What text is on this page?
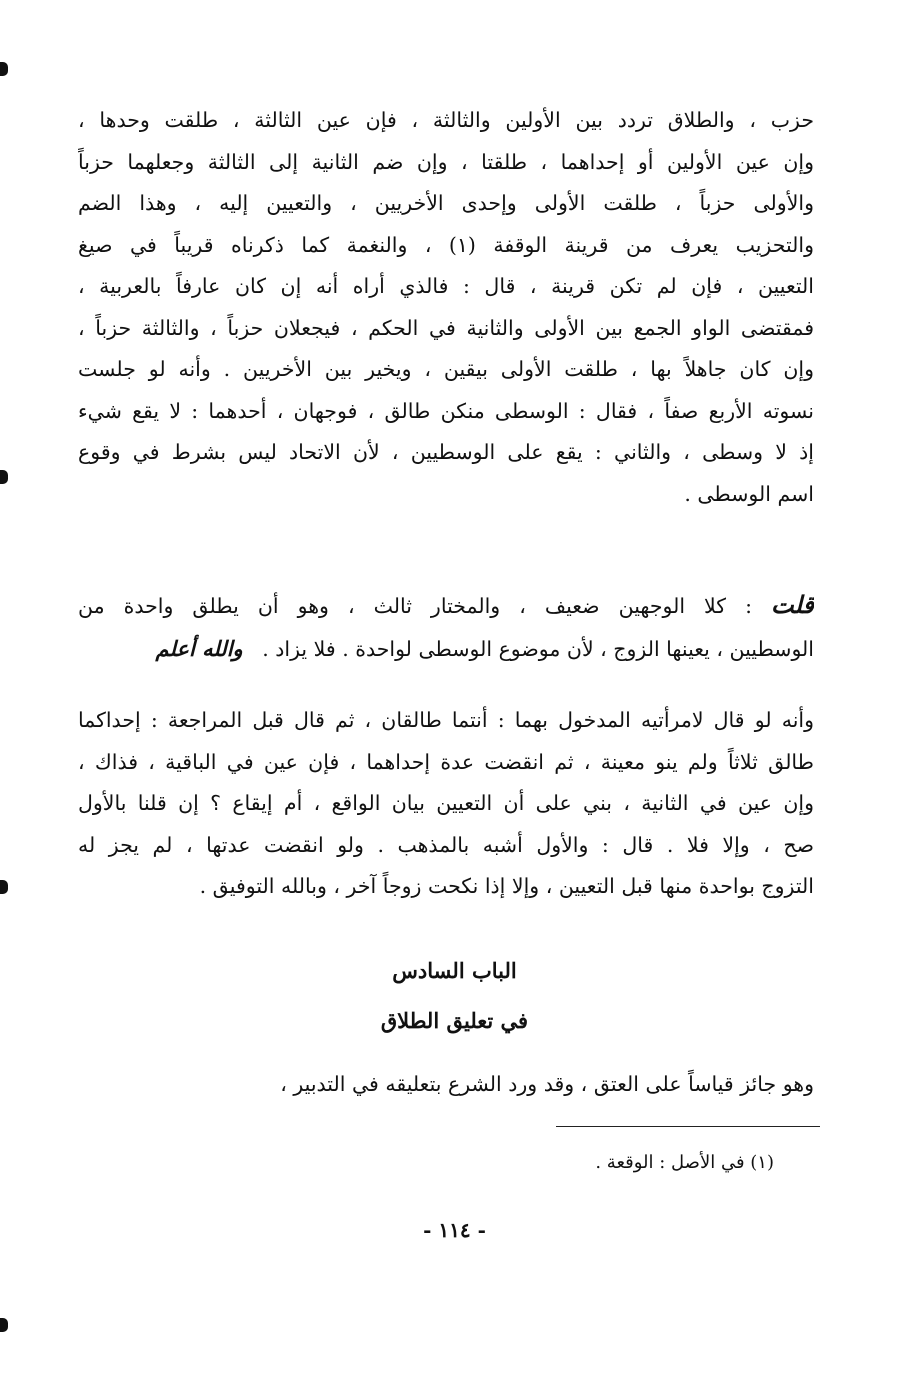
حزب ، والطلاق تردد بين الأولين والثالثة ، فإن عين الثالثة ، طلقت وحدها ،
وإن عين الأولين أو إحداهما ، طلقتا ، وإن ضم الثانية إلى الثالثة وجعلهما حزباً
والأولى حزباً ، طلقت الأولى وإحدى الأخريين ، والتعيين إليه ، وهذا الضم
والتحزيب يعرف من قرينة الوقفة (١) ، والنغمة كما ذكرناه قريباً في صيغ
التعيين ، فإن لم تكن قرينة ، قال : فالذي أراه أنه إن كان عارفاً بالعربية ،
فمقتضى الواو الجمع بين الأولى والثانية في الحكم ، فيجعلان حزباً ، والثالثة حزباً ،
وإن كان جاهلاً بها ، طلقت الأولى بيقين ، ويخير بين الأخريين . وأنه لو جلست
نسوته الأربع صفاً ، فقال : الوسطى منكن طالق ، فوجهان ، أحدهما : لا يقع شيء
إذ لا وسطى ، والثاني : يقع على الوسطيين ، لأن الاتحاد ليس بشرط في وقوع
اسم الوسطى .
قلت : كلا الوجهين ضعيف ، والمختار ثالث ، وهو أن يطلق واحدة من
الوسطيين ، يعينها الزوج ، لأن موضوع الوسطى لواحدة . فلا يزاد .   والله أعلم
وأنه لو قال لامرأتيه المدخول بهما : أنتما طالقان ، ثم قال قبل المراجعة : إحداكما
طالق ثلاثاً ولم ينو معينة ، ثم انقضت عدة إحداهما ، فإن عين في الباقية ، فذاك ،
وإن عين في الثانية ، بني على أن التعيين بيان الواقع ، أم إيقاع ؟ إن قلنا بالأول
صح ، وإلا فلا . قال : والأول أشبه بالمذهب . ولو انقضت عدتها ، لم يجز له
التزوج بواحدة منها قبل التعيين ، وإلا إذا نكحت زوجاً آخر ، وبالله التوفيق .
الباب السادس
في تعليق الطلاق
وهو جائز قياساً على العتق ، وقد ورد الشرع بتعليقه في التدبير ،
(١) في الأصل : الوقعة .
- ١١٤ -
